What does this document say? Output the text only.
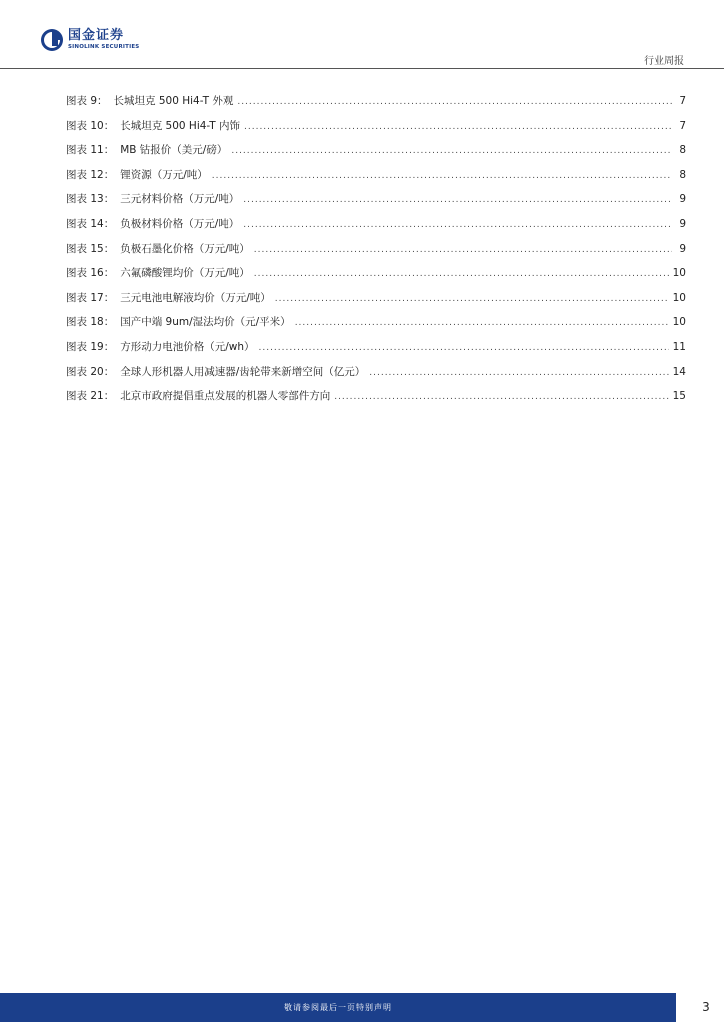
国金证券
SINOLINK SECURITIES
行业周报
图表 9： 长城坦克 500 Hi4-T 外观 .....	7
图表 10： 长城坦克 500 Hi4-T 内饰 .....	7
图表 11： MB 钴报价（美元/磅） .....	8
图表 12： 锂资源（万元/吨） .....	8
图表 13： 三元材料价格（万元/吨） .....	9
图表 14： 负极材料价格（万元/吨） .....	9
图表 15： 负极石墨化价格（万元/吨） .....	9
图表 16： 六氟磷酸锂均价（万元/吨） .....	10
图表 17： 三元电池电解液均价（万元/吨） .....	10
图表 18： 国产中端 9um/湿法均价（元/平米） .....	10
图表 19： 方形动力电池价格（元/wh） .....	11
图表 20： 全球人形机器人用减速器/齿轮带来新增空间（亿元） .....	14
图表 21： 北京市政府提倡重点发展的机器人零部件方向 .....	15
敬请参阅最后一页特别声明	3
